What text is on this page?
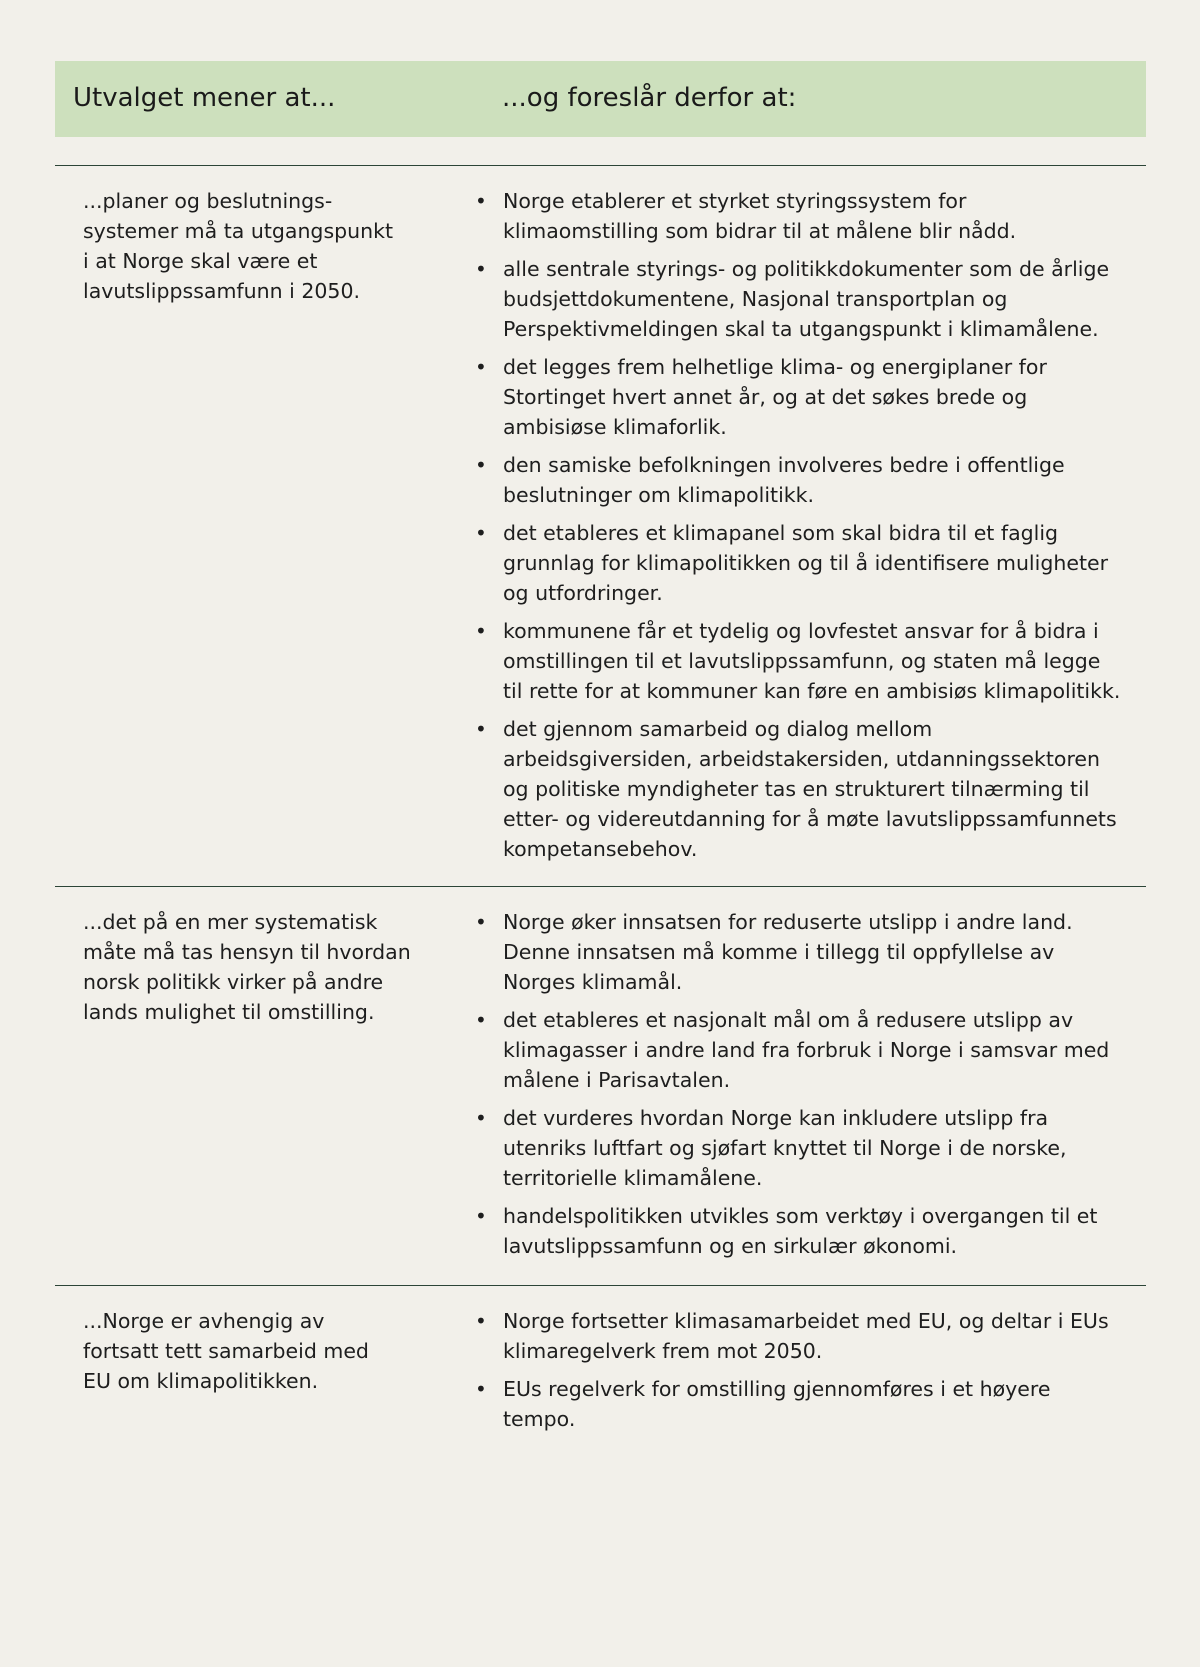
Utvalget mener at...	...og foreslår derfor at:
...planer og beslutnings-
systemer må ta utgangspunkt
i at Norge skal være et
lavutslippssamfunn i 2050.
• Norge etablerer et styrket styringssystem for klimaomstilling som bidrar til at målene blir nådd.
• alle sentrale styrings- og politikkdokumenter som de årlige budsjettdokumentene, Nasjonal transportplan og Perspektivmeldingen skal ta utgangspunkt i klimamålene.
• det legges frem helhetlige klima- og energiplaner for Stortinget hvert annet år, og at det søkes brede og ambisiøse klimaforlik.
• den samiske befolkningen involveres bedre i offentlige beslutninger om klimapolitikk.
• det etableres et klimapanel som skal bidra til et faglig grunnlag for klimapolitikken og til å identifisere muligheter og utfordringer.
• kommunene får et tydelig og lovfestet ansvar for å bidra i omstillingen til et lavutslippssamfunn, og staten må legge til rette for at kommuner kan føre en ambisiøs klimapolitikk.
• det gjennom samarbeid og dialog mellom arbeidsgiversiden, arbeidstakersiden, utdanningssektoren og politiske myndigheter tas en strukturert tilnærming til etter- og videreutdanning for å møte lavutslippssamfunnets kompetansebehov.
...det på en mer systematisk
måte må tas hensyn til hvordan
norsk politikk virker på andre
lands mulighet til omstilling.
• Norge øker innsatsen for reduserte utslipp i andre land. Denne innsatsen må komme i tillegg til oppfyllelse av Norges klimamål.
• det etableres et nasjonalt mål om å redusere utslipp av klimagasser i andre land fra forbruk i Norge i samsvar med målene i Parisavtalen.
• det vurderes hvordan Norge kan inkludere utslipp fra utenriks luftfart og sjøfart knyttet til Norge i de norske, territorielle klimamålene.
• handelspolitikken utvikles som verktøy i overgangen til et lavutslippssamfunn og en sirkulær økonomi.
...Norge er avhengig av
fortsatt tett samarbeid med
EU om klimapolitikken.
• Norge fortsetter klimasamarbeidet med EU, og deltar i EUs klimaregelverk frem mot 2050.
• EUs regelverk for omstilling gjennomføres i et høyere tempo.
